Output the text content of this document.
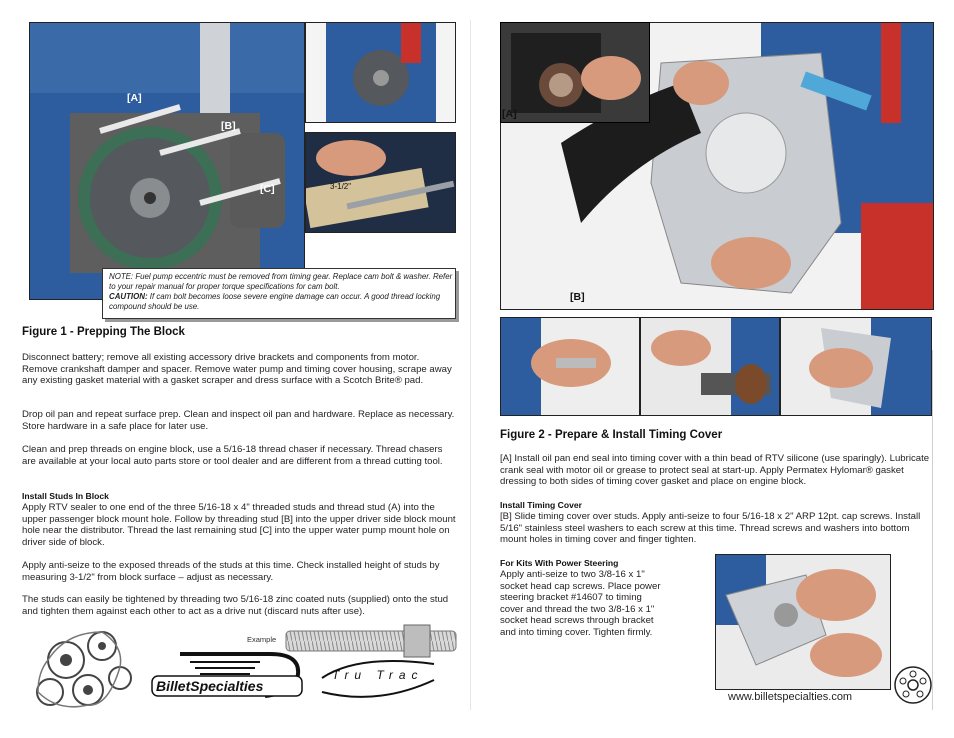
[A]
[B]
[C]	3-1/2"
NOTE: Fuel pump eccentric must be removed from timing gear. Replace cam bolt & washer. Refer to your repair manual for proper torque specifications for cam bolt.
CAUTION: If cam bolt becomes loose severe engine damage can occur. A good thread locking compound should be use.
Figure 1 - Prepping The Block
Disconnect battery; remove all existing accessory drive brackets and components from motor. Remove crankshaft damper and spacer. Remove water pump and timing cover housing, scrape away any existing gasket material with a gasket scraper and dress surface with a Scotch Brite® pad.
Drop oil pan and repeat surface prep. Clean and inspect oil pan and hardware. Replace as necessary. Store hardware in a safe place for later use.
Clean and prep threads on engine block, use a 5/16-18 thread chaser if necessary. Thread chasers are available at your local auto parts store or tool dealer and are different from a thread cutting tool.
Install Studs In Block
Apply RTV sealer to one end of the three 5/16-18 x 4" threaded studs and thread stud (A) into the upper passenger block mount hole. Follow by threading stud [B] into the upper driver side block mount hole near the distributor. Thread the last remaining stud [C] into the upper water pump mount hole on driver side of block.
Apply anti-seize to the exposed threads of the studs at this time. Check installed height of studs by measuring 3-1/2" from block surface – adjust as necessary.
The studs can easily be tightened by threading two 5/16-18 zinc coated nuts (supplied) onto the stud and tighten them against each other to act as a drive nut (discard nuts after use).
BilletSpecialties
Tru Trac
Example
[A]
[B]
Figure 2 - Prepare & Install Timing Cover
[A] Install oil pan end seal into timing cover with a thin bead of RTV silicone (use sparingly). Lubricate crank seal with motor oil or grease to protect seal at start-up. Apply Permatex Hylomar® gasket dressing to both sides of timing cover gasket and place on engine block.
Install Timing Cover
[B] Slide timing cover over studs. Apply anti-seize to four 5/16-18 x 2" ARP 12pt. cap screws. Install 5/16" stainless steel washers to each screw at this time. Thread screws and washers into bottom mount holes in timing cover and finger tighten.
For Kits With Power Steering
Apply anti-seize to two 3/8-16 x 1" socket head cap screws. Place power steering bracket #14607 to timing cover and thread the two 3/8-16 x 1" socket head screws through bracket and into timing cover. Tighten firmly.
www.billetspecialties.com
